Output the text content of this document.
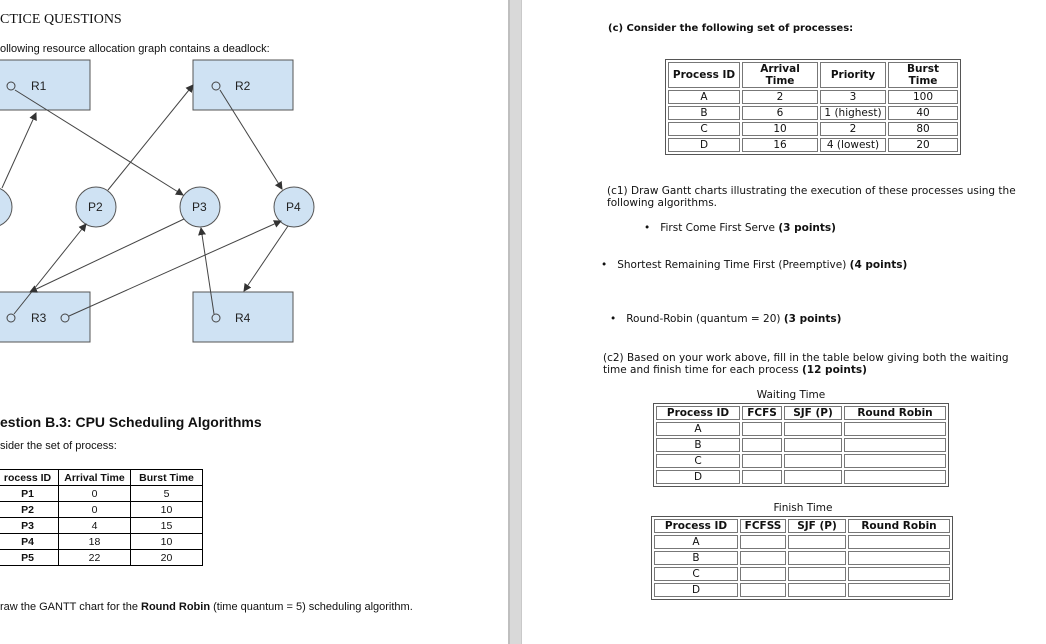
CTICE QUESTIONS
ollowing resource allocation graph contains a deadlock:
R1	R2
R3	R4
P2	P3	P4
estion B.3: CPU Scheduling Algorithms
sider the set of process:
rocess ID	Arrival Time	Burst Time
P1	0	5
P2	0	10
P3	4	15
P4	18	10
P5	22	20
raw the GANTT chart for the Round Robin (time quantum = 5) scheduling algorithm.
(c) Consider the following set of processes:
Process ID	Arrival Time	Priority	Burst Time
A	2	3	100
B	6	1 (highest)	40
C	10	2	80
D	16	4 (lowest)	20
(c1) Draw Gantt charts illustrating the execution of these processes using the
following algorithms.
• First Come First Serve (3 points)
• Shortest Remaining Time First (Preemptive) (4 points)
• Round-Robin (quantum = 20) (3 points)
(c2) Based on your work above, fill in the table below giving both the waiting
time and finish time for each process (12 points)
Waiting Time
Process ID	FCFS	SJF (P)	Round Robin
A			
B			
C			
D			
Finish Time
Process ID	FCFSS	SJF (P)	Round Robin
A			
B			
C			
D			
